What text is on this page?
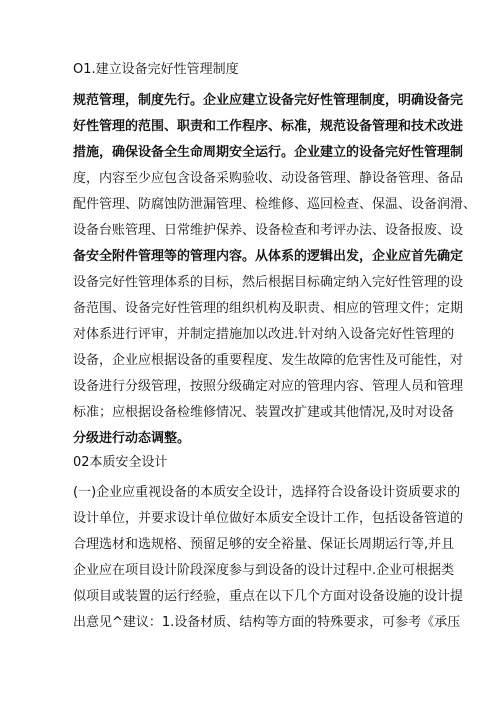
O1.建立设备完好性管理制度
规范管理，制度先行。企业应建立设备完好性管理制度，明确设备完
好性管理的范围、职责和工作程序、标准，规范设备管理和技术改进
措施，确保设备全生命周期安全运行。企业建立的设备完好性管理制
度，内容至少应包含设备采购验收、动设备管理、静设备管理、备品
配件管理、防腐蚀防泄漏管理、检维修、巡回检查、保温、设备润滑、
设备台账管理、日常维护保养、设备检查和考评办法、设备报废、设
备安全附件管理等的管理内容。从体系的逻辑出发，企业应首先确定
设备完好性管理体系的目标，然后根据目标确定纳入完好性管理的设
备范围、设备完好性管理的组织机构及职责、相应的管理文件；定期
对体系进行评审，并制定措施加以改进.针对纳入设备完好性管理的
设备，企业应根据设备的重要程度、发生故障的危害性及可能性，对
设备进行分级管理，按照分级确定对应的管理内容、管理人员和管理
标准；应根据设备检维修情况、装置改扩建或其他情况,及时对设备
分级进行动态调整。
02本质安全设计
(一)企业应重视设备的本质安全设计，选择符合设备设计资质要求的
设计单位，并要求设计单位做好本质安全设计工作，包括设备管道的
合理选材和选规格、预留足够的安全裕量、保证长周期运行等,并且
企业应在项目设计阶段深度参与到设备的设计过程中.企业可根据类
似项目或装置的运行经验，重点在以下几个方面对设备设施的设计提
出意见^建议：1.设备材质、结构等方面的特殊要求，可参考《承压
